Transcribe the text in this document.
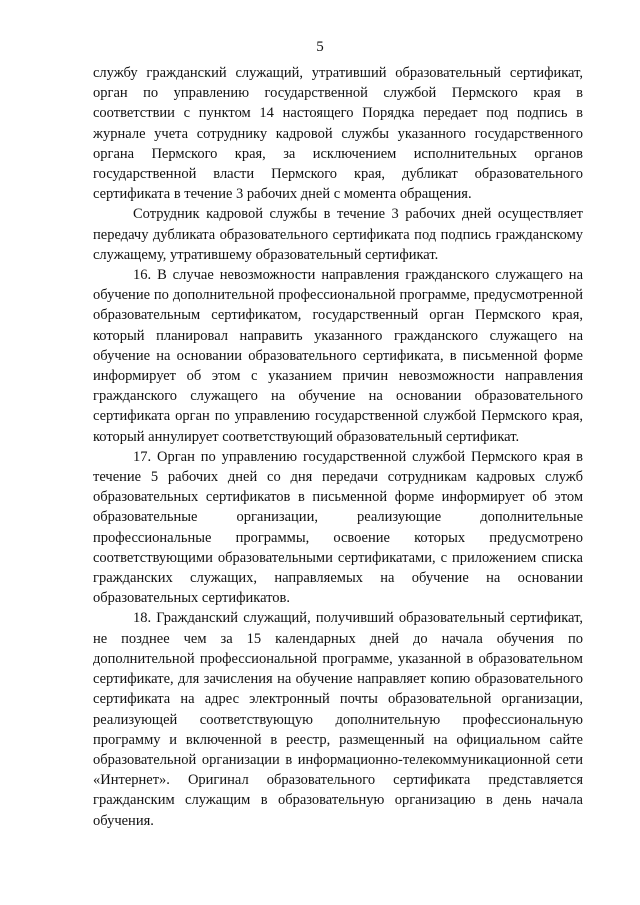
5

службу гражданский служащий, утративший образовательный сертификат, орган по управлению государственной службой Пермского края в соответствии с пунктом 14 настоящего Порядка передает под подпись в журнале учета сотруднику кадровой службы указанного государственного органа Пермского края, за исключением исполнительных органов государственной власти Пермского края, дубликат образовательного сертификата в течение 3 рабочих дней с момента обращения.

Сотрудник кадровой службы в течение 3 рабочих дней осуществляет передачу дубликата образовательного сертификата под подпись гражданскому служащему, утратившему образовательный сертификат.

16. В случае невозможности направления гражданского служащего на обучение по дополнительной профессиональной программе, предусмотренной образовательным сертификатом, государственный орган Пермского края, который планировал направить указанного гражданского служащего на обучение на основании образовательного сертификата, в письменной форме информирует об этом с указанием причин невозможности направления гражданского служащего на обучение на основании образовательного сертификата орган по управлению государственной службой Пермского края, который аннулирует соответствующий образовательный сертификат.

17. Орган по управлению государственной службой Пермского края в течение 5 рабочих дней со дня передачи сотрудникам кадровых служб образовательных сертификатов в письменной форме информирует об этом образовательные организации, реализующие дополнительные профессиональные программы, освоение которых предусмотрено соответствующими образовательными сертификатами, с приложением списка гражданских служащих, направляемых на обучение на основании образовательных сертификатов.

18. Гражданский служащий, получивший образовательный сертификат, не позднее чем за 15 календарных дней до начала обучения по дополнительной профессиональной программе, указанной в образовательном сертификате, для зачисления на обучение направляет копию образовательного сертификата на адрес электронный почты образовательной организации, реализующей соответствующую дополнительную профессиональную программу и включенной в реестр, размещенный на официальном сайте образовательной организации в информационно-телекоммуникационной сети «Интернет». Оригинал образовательного сертификата представляется гражданским служащим в образовательную организацию в день начала обучения.
